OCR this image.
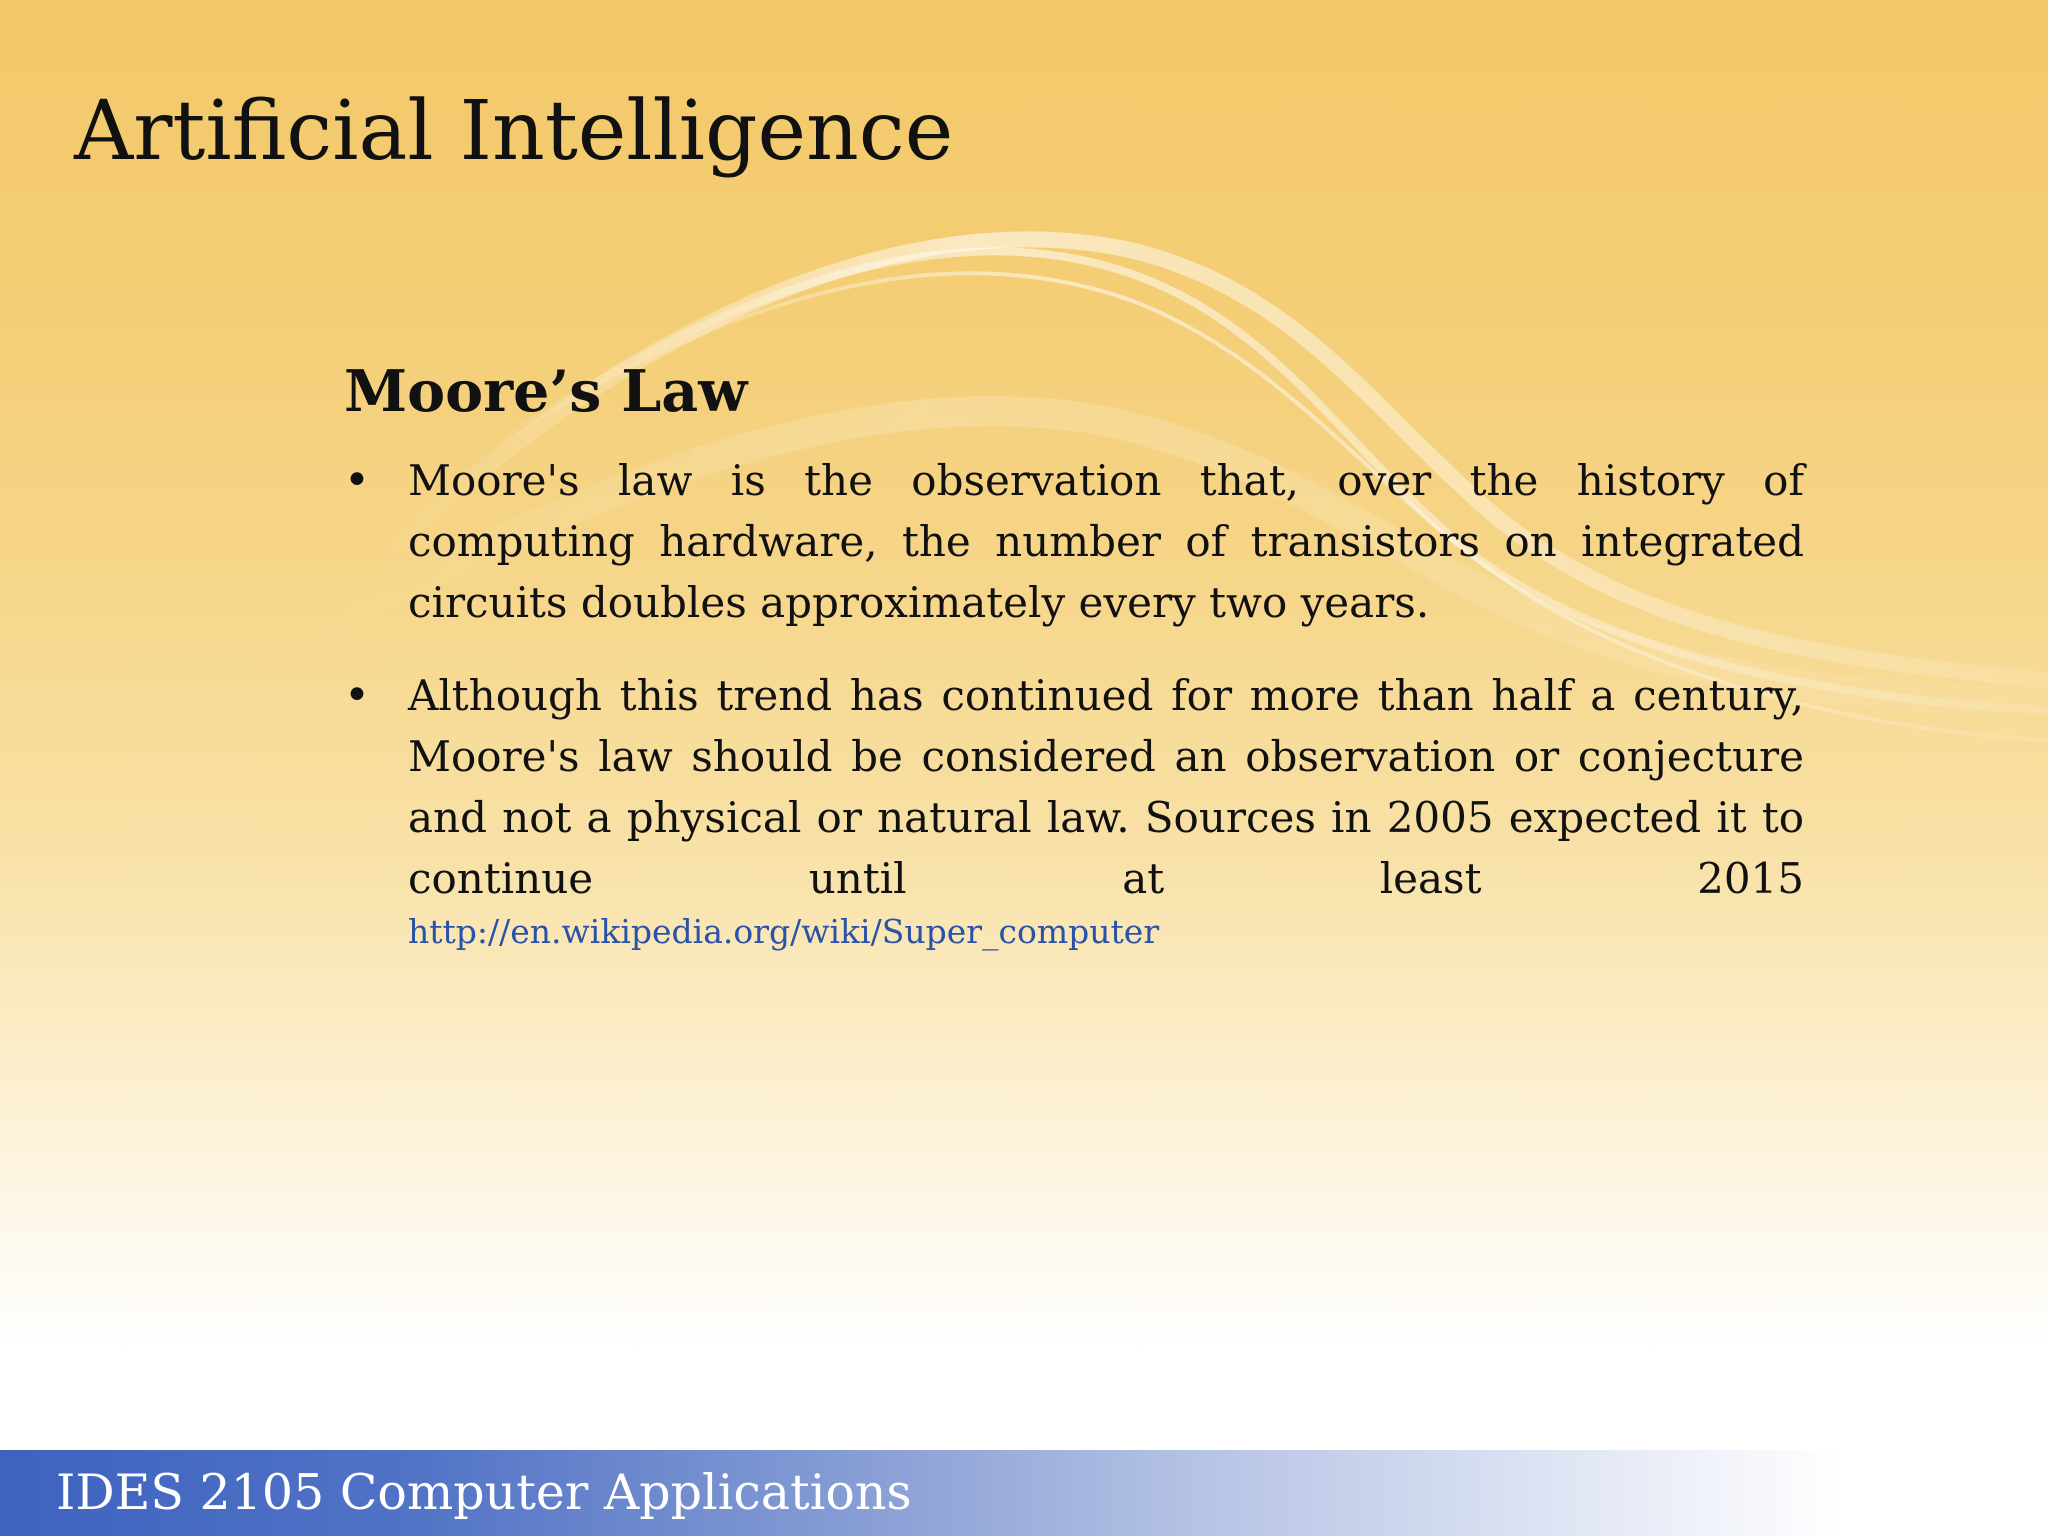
Artificial Intelligence
Moore’s Law
• Moore's law is the observation that, over the history of computing hardware, the number of transistors on integrated circuits doubles approximately every two years.
• Although this trend has continued for more than half a century, Moore's law should be considered an observation or conjecture and not a physical or natural law. Sources in 2005 expected it to continue until at least 2015
http://en.wikipedia.org/wiki/Super_computer
IDES 2105 Computer Applications
